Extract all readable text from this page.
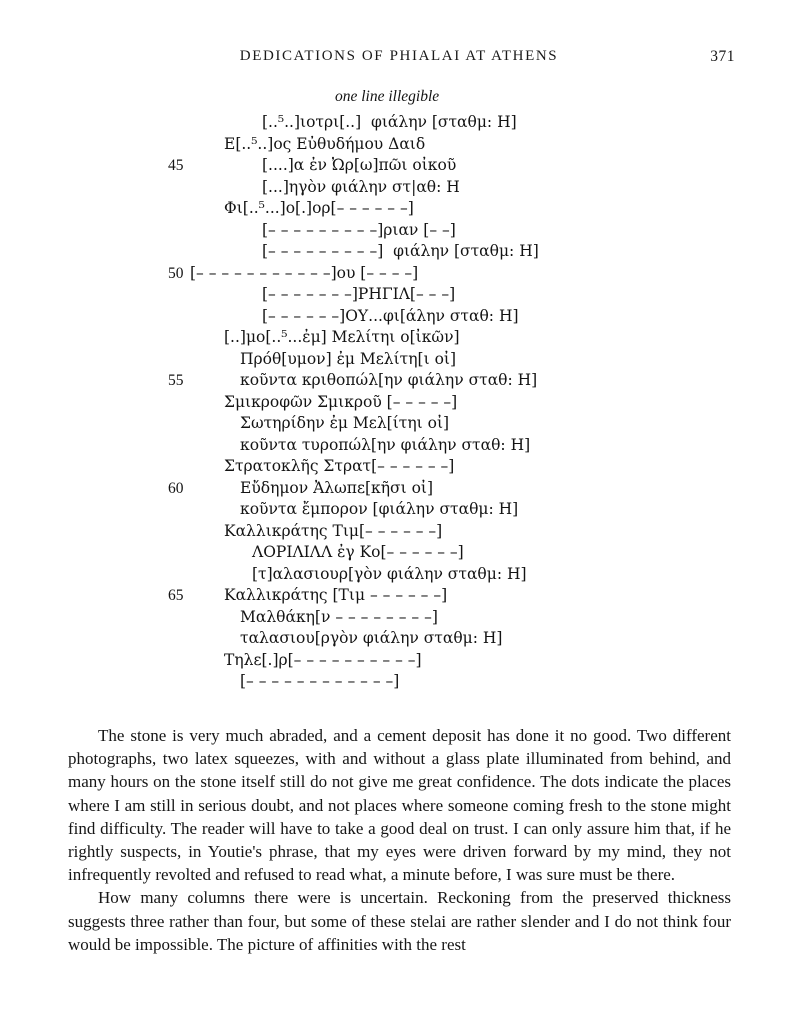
DEDICATIONS OF PHIALAI AT ATHENS	371
one line illegible
[..⁵..]ιοτρι[..]  φιάλην [σταθμ: Η]
Ε[..⁵..]ος Εὐθυδήμου Δαιδ
45	[....]α ἐν Ὠρ[ω]πῶι οἰκοῦ
[...]ηγὸν φιάλην στ|αθ: Η
Φι[..⁵...]ο[.]ορ[– – – – – –]
[– – – – – – – – –]ριαν [– –]
[– – – – – – – – –]  φιάλην [σταθμ: Η]
50 [– – – – – – – – – – –]ου [– – – –]
[– – – – – – –]ΡΗΓΙΛ[– – –]
[– – – – – –]ΟΥ...φι[άλην σταθ: Η]
[..]μο[..⁵...ἐμ] Μελίτηι ο[ἰκῶν]
Πρόθ[υμον] ἐμ Μελίτη[ι οἰ]
55	κοῦντα κριθοπώλ[ην φιάλην σταθ: Η]
Σμικροφῶν Σμικροῦ [– – – – –]
Σωτηρίδην ἐμ Μελ[ίτηι οἰ]
κοῦντα τυροπώλ[ην φιάλην σταθ: Η]
Στρατοκλῆς Στρατ[– – – – – –]
60	Εὔδημον Ἀλωπε[κῆσι οἰ]
κοῦντα ἔμπορον [φιάλην σταθμ: Η]
Καλλικράτης Τιμ[– – – – – –]
ΛΟΡΙΛΙΛΛ ἐγ Κο[– – – – – –]
[τ]αλασιουρ[γὸν φιάλην σταθμ: Η]
65	Καλλικράτης [Τιμ – – – – – –]
Μαλθάκη[ν – – – – – – – –]
ταλασιου[ργὸν φιάλην σταθμ: Η]
Τηλε[.]ρ[– – – – – – – – – –]
[– – – – – – – – – – – –]

The stone is very much abraded, and a cement deposit has done it no good. Two different photographs, two latex squeezes, with and without a glass plate illuminated from behind, and many hours on the stone itself still do not give me great confidence. The dots indicate the places where I am still in serious doubt, and not places where someone coming fresh to the stone might find difficulty. The reader will have to take a good deal on trust. I can only assure him that, if he rightly suspects, in Youtie's phrase, that my eyes were driven forward by my mind, they not infrequently revolted and refused to read what, a minute before, I was sure must be there.

How many columns there were is uncertain. Reckoning from the preserved thickness suggests three rather than four, but some of these stelai are rather slender and I do not think four would be impossible. The picture of affinities with the rest
